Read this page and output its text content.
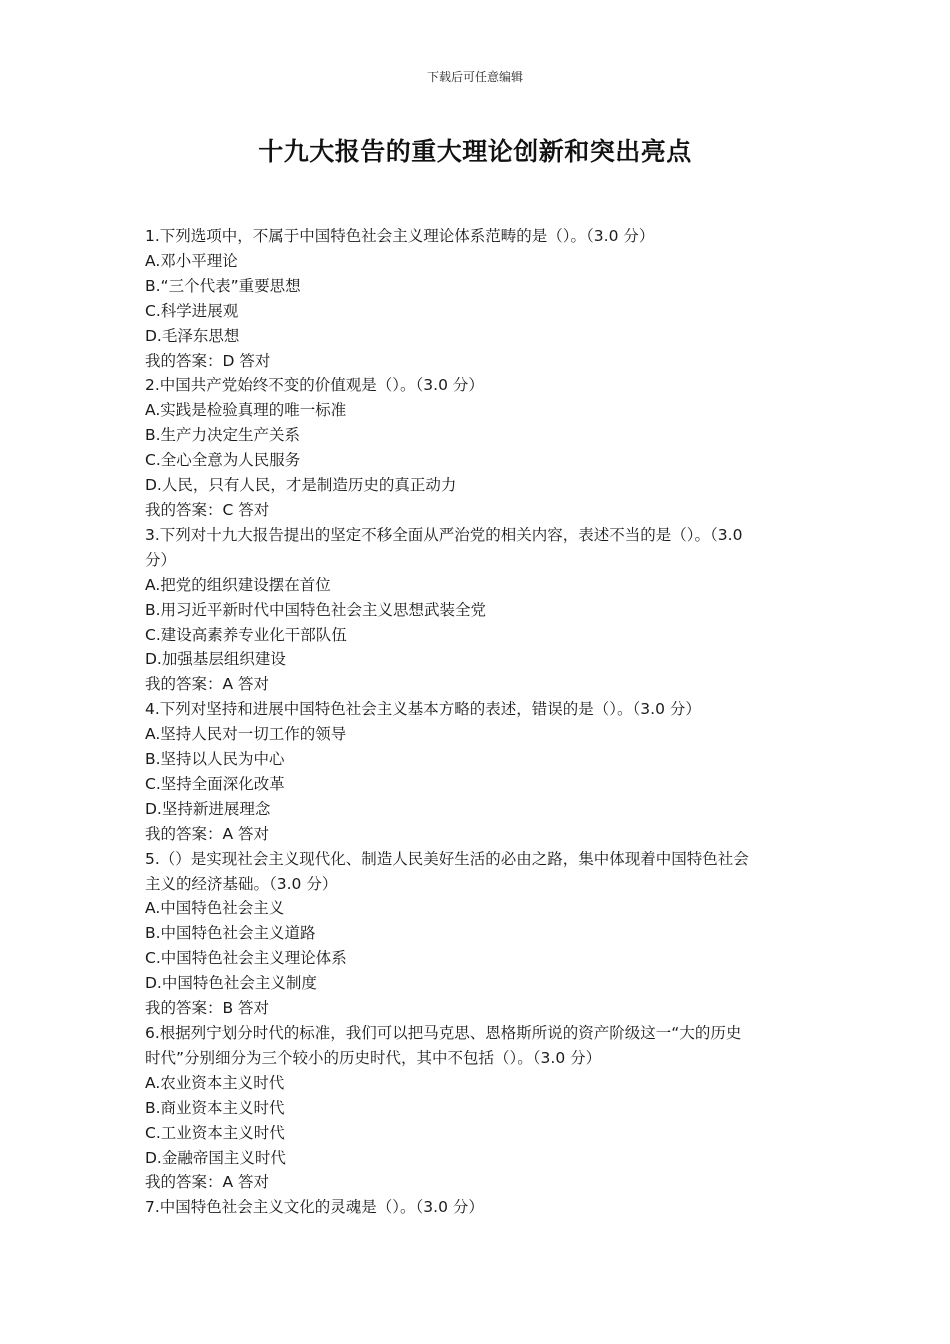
下载后可任意编辑
十九大报告的重大理论创新和突出亮点
1.下列选项中，不属于中国特色社会主义理论体系范畴的是（）。（3.0 分）
A.邓小平理论
B.“三个代表”重要思想
C.科学进展观
D.毛泽东思想
我的答案：D 答对
2.中国共产党始终不变的价值观是（）。（3.0 分）
A.实践是检验真理的唯一标准
B.生产力决定生产关系
C.全心全意为人民服务
D.人民，只有人民，才是制造历史的真正动力
我的答案：C 答对
3.下列对十九大报告提出的坚定不移全面从严治党的相关内容，表述不当的是（）。（3.0
分）
A.把党的组织建设摆在首位
B.用习近平新时代中国特色社会主义思想武装全党
C.建设高素养专业化干部队伍
D.加强基层组织建设
我的答案：A 答对
4.下列对坚持和进展中国特色社会主义基本方略的表述，错误的是（）。（3.0 分）
A.坚持人民对一切工作的领导
B.坚持以人民为中心
C.坚持全面深化改革
D.坚持新进展理念
我的答案：A 答对
5.（）是实现社会主义现代化、制造人民美好生活的必由之路，集中体现着中国特色社会
主义的经济基础。（3.0 分）
A.中国特色社会主义
B.中国特色社会主义道路
C.中国特色社会主义理论体系
D.中国特色社会主义制度
我的答案：B 答对
6.根据列宁划分时代的标准，我们可以把马克思、恩格斯所说的资产阶级这一“大的历史
时代”分别细分为三个较小的历史时代，其中不包括（）。（3.0 分）
A.农业资本主义时代
B.商业资本主义时代
C.工业资本主义时代
D.金融帝国主义时代
我的答案：A 答对
7.中国特色社会主义文化的灵魂是（）。（3.0 分）
